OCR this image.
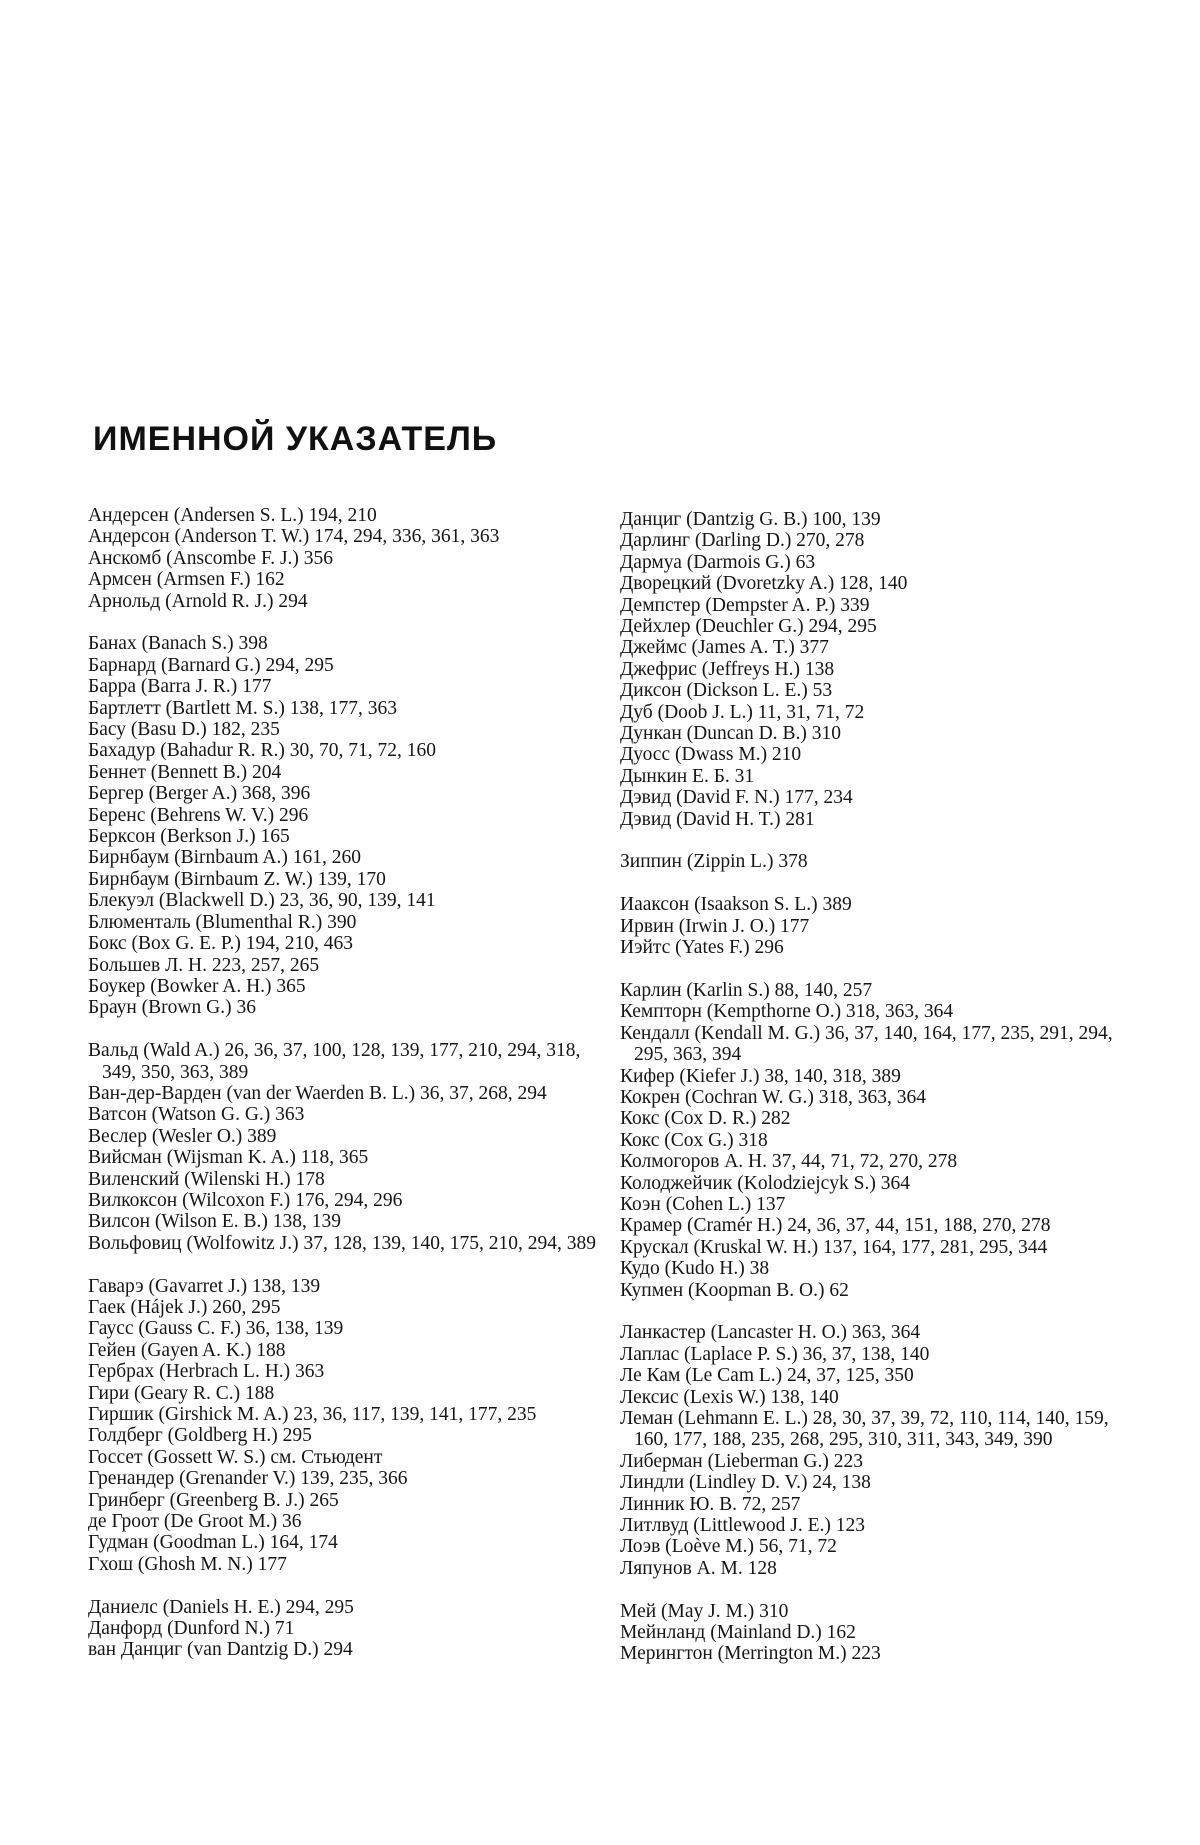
ИМЕННОЙ УКАЗАТЕЛЬ
Андерсен (Andersen S. L.) 194, 210
Андерсон (Anderson T. W.) 174, 294, 336, 361, 363
Анскомб (Anscombe F. J.) 356
Армсен (Armsen F.) 162
Арнольд (Arnold R. J.) 294
Банах (Banach S.) 398
Барнард (Barnard G.) 294, 295
Барра (Barra J. R.) 177
Бартлетт (Bartlett M. S.) 138, 177, 363
Басу (Basu D.) 182, 235
Бахадур (Bahadur R. R.) 30, 70, 71, 72, 160
Беннет (Bennett B.) 204
Бергер (Berger A.) 368, 396
Беренс (Behrens W. V.) 296
Берксон (Berkson J.) 165
Бирнбаум (Birnbaum A.) 161, 260
Бирнбаум (Birnbaum Z. W.) 139, 170
Блекуэл (Blackwell D.) 23, 36, 90, 139, 141
Блюменталь (Blumenthal R.) 390
Бокс (Box G. E. P.) 194, 210, 463
Большев Л. Н. 223, 257, 265
Боукер (Bowker A. H.) 365
Браун (Brown G.) 36
Вальд (Wald A.) 26, 36, 37, 100, 128, 139, 177, 210, 294, 318, 349, 350, 363, 389
Ван-дер-Варден (van der Waerden B. L.) 36, 37, 268, 294
Ватсон (Watson G. G.) 363
Веслер (Wesler O.) 389
Вийсман (Wijsman K. A.) 118, 365
Виленский (Wilenski H.) 178
Вилкоксон (Wilcoxon F.) 176, 294, 296
Вилсон (Wilson E. B.) 138, 139
Вольфовиц (Wolfowitz J.) 37, 128, 139, 140, 175, 210, 294, 389
Гаварэ (Gavarret J.) 138, 139
Гаек (Hájek J.) 260, 295
Гаусс (Gauss C. F.) 36, 138, 139
Гейен (Gayen A. K.) 188
Гербрах (Herbrach L. H.) 363
Гири (Geary R. C.) 188
Гиршик (Girshick M. A.) 23, 36, 117, 139, 141, 177, 235
Голдберг (Goldberg H.) 295
Госсет (Gossett W. S.) см. Стьюдент
Гренандер (Grenander V.) 139, 235, 366
Гринберг (Greenberg B. J.) 265
де Гроот (De Groot M.) 36
Гудман (Goodman L.) 164, 174
Гхош (Ghosh M. N.) 177
Даниелс (Daniels H. E.) 294, 295
Данфорд (Dunford N.) 71
ван Данциг (van Dantzig D.) 294
Данциг (Dantzig G. B.) 100, 139
Дарлинг (Darling D.) 270, 278
Дармуа (Darmois G.) 63
Дворецкий (Dvoretzky A.) 128, 140
Демпстер (Dempster A. P.) 339
Дейхлер (Deuchler G.) 294, 295
Джеймс (James A. T.) 377
Джефрис (Jeffreys H.) 138
Диксон (Dickson L. E.) 53
Дуб (Doob J. L.) 11, 31, 71, 72
Дункан (Duncan D. B.) 310
Дуосс (Dwass M.) 210
Дынкин Е. Б. 31
Дэвид (David F. N.) 177, 234
Дэвид (David H. T.) 281
Зиппин (Zippin L.) 378
Иааксон (Isaakson S. L.) 389
Ирвин (Irwin J. O.) 177
Иэйтс (Yates F.) 296
Карлин (Karlin S.) 88, 140, 257
Кемпторн (Kempthorne O.) 318, 363, 364
Кендалл (Kendall M. G.) 36, 37, 140, 164, 177, 235, 291, 294, 295, 363, 394
Кифер (Kiefer J.) 38, 140, 318, 389
Кокрен (Cochran W. G.) 318, 363, 364
Кокс (Cox D. R.) 282
Кокс (Cox G.) 318
Колмогоров А. Н. 37, 44, 71, 72, 270, 278
Колоджейчик (Kolodziejcyk S.) 364
Коэн (Cohen L.) 137
Крамер (Cramér H.) 24, 36, 37, 44, 151, 188, 270, 278
Крускал (Kruskal W. H.) 137, 164, 177, 281, 295, 344
Кудо (Kudo H.) 38
Купмен (Koopman B. O.) 62
Ланкастер (Lancaster H. O.) 363, 364
Лаплас (Laplace P. S.) 36, 37, 138, 140
Ле Кам (Le Cam L.) 24, 37, 125, 350
Лексис (Lexis W.) 138, 140
Леман (Lehmann E. L.) 28, 30, 37, 39, 72, 110, 114, 140, 159, 160, 177, 188, 235, 268, 295, 310, 311, 343, 349, 390
Либерман (Lieberman G.) 223
Линдли (Lindley D. V.) 24, 138
Линник Ю. В. 72, 257
Литлвуд (Littlewood J. E.) 123
Лоэв (Loève M.) 56, 71, 72
Ляпунов А. М. 128
Мей (May J. M.) 310
Мейнланд (Mainland D.) 162
Мерингтон (Merrington M.) 223
